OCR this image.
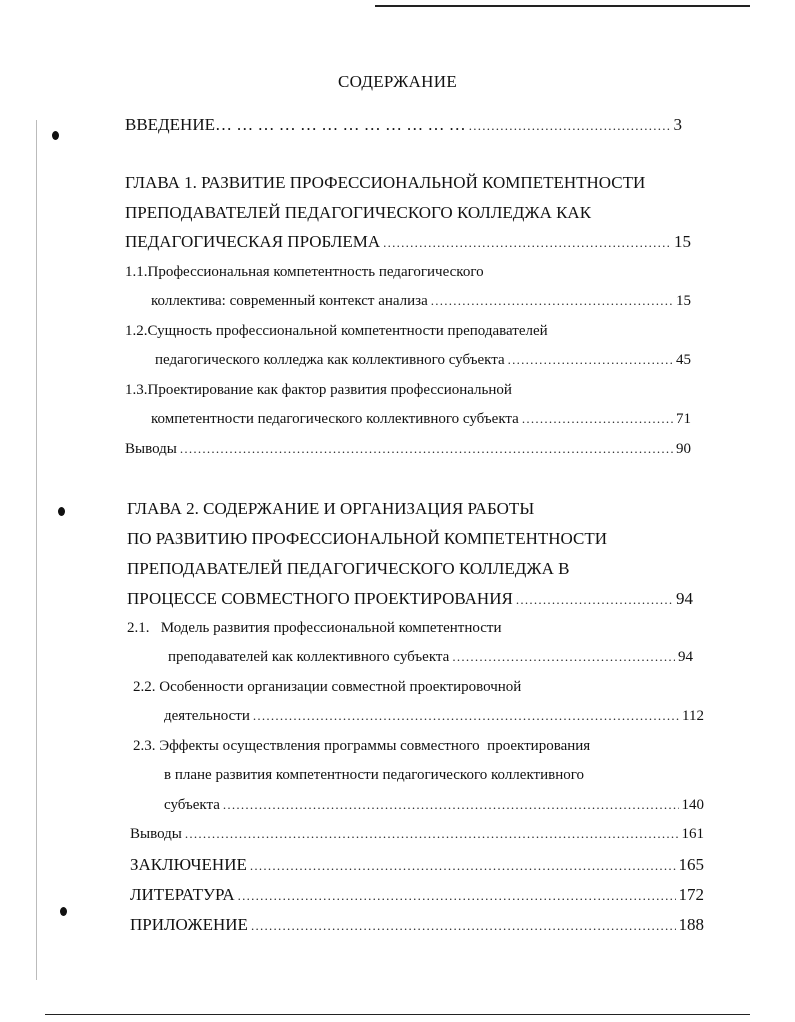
СОДЕРЖАНИЕ
ВВЕДЕНИЕ… … … … … … … … … … … … . . .	3
ГЛАВА 1. РАЗВИТИЕ ПРОФЕССИОНАЛЬНОЙ КОМПЕТЕНТНОСТИ
ПРЕПОДАВАТЕЛЕЙ ПЕДАГОГИЧЕСКОГО КОЛЛЕДЖА КАК
ПЕДАГОГИЧЕСКАЯ ПРОБЛЕМА . . .	15
1.1.Профессиональная компетентность педагогического
коллектива: современный контекст анализа . . .	15
1.2.Сущность профессиональной компетентности преподавателей
педагогического колледжа как коллективного субъекта . . .	45
1.3.Проектирование как фактор развития профессиональной
компетентности педагогического коллективного субъекта . . .	71
Выводы . . .	90
ГЛАВА 2. СОДЕРЖАНИЕ И ОРГАНИЗАЦИЯ РАБОТЫ
ПО РАЗВИТИЮ ПРОФЕССИОНАЛЬНОЙ КОМПЕТЕНТНОСТИ
ПРЕПОДАВАТЕЛЕЙ ПЕДАГОГИЧЕСКОГО КОЛЛЕДЖА В
ПРОЦЕССЕ СОВМЕСТНОГО ПРОЕКТИРОВАНИЯ . . .	94
2.1.   Модель развития профессиональной компетентности
преподавателей как коллективного субъекта . . .	94
2.2. Особенности организации совместной проектировочной
деятельности . . .	112
2.3. Эффекты осуществления программы совместного  проектирования
в плане развития компетентности педагогического коллективного
субъекта . . .	140
Выводы . . .	161
ЗАКЛЮЧЕНИЕ . . .	165
ЛИТЕРАТУРА . . .	172
ПРИЛОЖЕНИЕ . . .	188
